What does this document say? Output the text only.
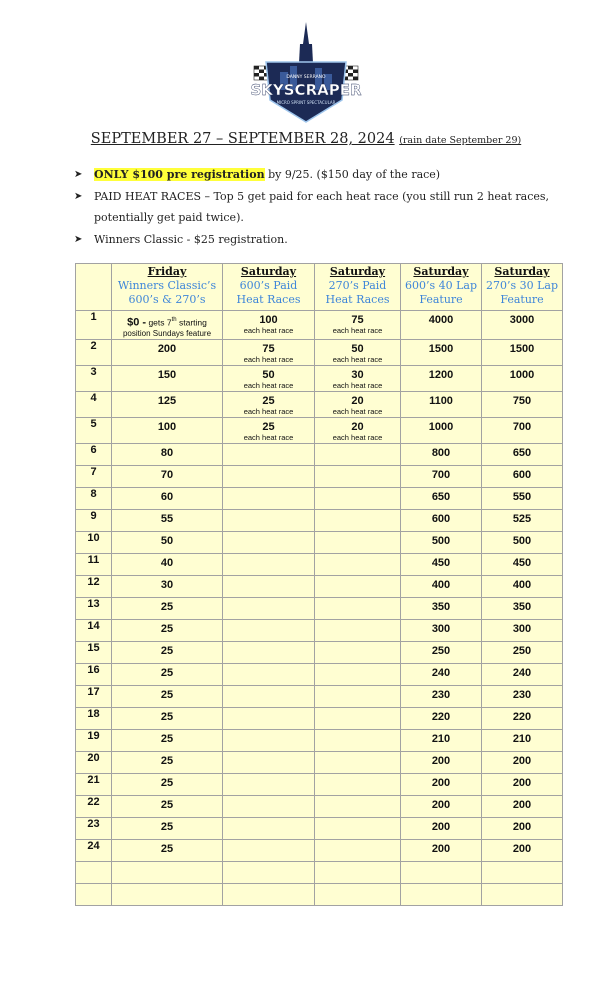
DANNY SERRANO
SKYSCRAPER
MICRO SPRINT SPECTACULAR
SEPTEMBER 27 – SEPTEMBER 28, 2024 (rain date September 29)
➤	ONLY $100 pre registration by 9/25. ($150 day of the race)
➤	PAID HEAT RACES – Top 5 get paid for each heat race (you still run 2 heat races, potentially get paid twice).
➤	Winners Classic - $25 registration.
	Friday
Winners Classic’s
600’s & 270’s	Saturday
600’s Paid
Heat Races	Saturday
270’s Paid
Heat Races	Saturday
600’s 40 Lap
Feature	Saturday
270’s 30 Lap
Feature

1	$0 - gets 7th starting
position Sundays feature	100
each heat race	75
each heat race	4000	3000

2	200	75
each heat race	50
each heat race	1500	1500

3	150	50
each heat race	30
each heat race	1200	1000

4	125	25
each heat race	20
each heat race	1100	750

5	100	25
each heat race	20
each heat race	1000	700

6	80			800	650

7	70			700	600

8	60			650	550

9	55			600	525

10	50			500	500

11	40			450	450

12	30			400	400

13	25			350	350

14	25			300	300

15	25			250	250

16	25			240	240

17	25			230	230

18	25			220	220

19	25			210	210

20	25			200	200

21	25			200	200

22	25			200	200

23	25			200	200

24	25			200	200
